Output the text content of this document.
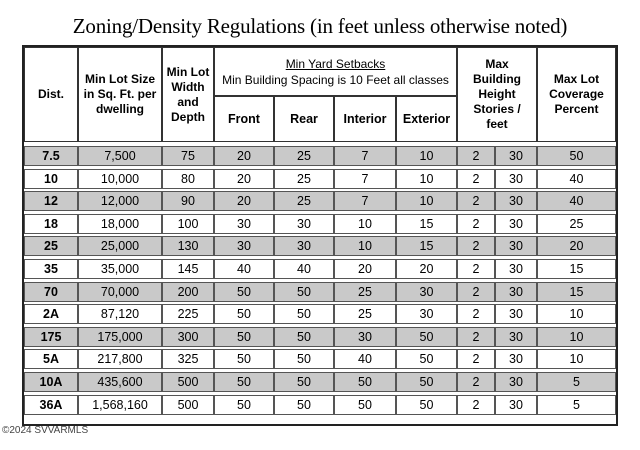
Zoning/Density Regulations (in feet unless otherwise noted)
Dist.
Min Lot Size in Sq. Ft. per dwelling
Min Lot Width and Depth
Min Yard Setbacks
Min Building Spacing is 10 Feet all classes
Front	Rear	Interior	Exterior
Max Building Height Stories / feet
Max Lot Coverage Percent
7.5	7,500	75	20	25	7	10	2	30	50
10	10,000	80	20	25	7	10	2	30	40
12	12,000	90	20	25	7	10	2	30	40
18	18,000	100	30	30	10	15	2	30	25
25	25,000	130	30	30	10	15	2	30	20
35	35,000	145	40	40	20	20	2	30	15
70	70,000	200	50	50	25	30	2	30	15
2A	87,120	225	50	50	25	30	2	30	10
175	175,000	300	50	50	30	50	2	30	10
5A	217,800	325	50	50	40	50	2	30	10
10A	435,600	500	50	50	50	50	2	30	5
36A	1,568,160	500	50	50	50	50	2	30	5
©2024 SVVARMLS
